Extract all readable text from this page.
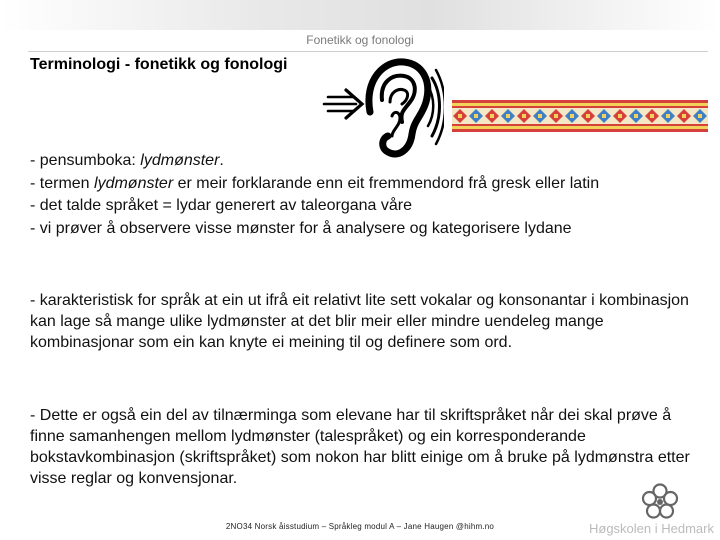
Fonetikk og fonologi
Terminologi - fonetikk og fonologi
- pensumboka: lydmønster.
- termen lydmønster er meir forklarande enn eit fremmendord frå gresk eller latin
- det talde språket = lydar generert av taleorgana våre
- vi prøver å observere visse mønster for å analysere og kategorisere lydane
- karakteristisk for språk at ein ut ifrå eit relativt lite sett vokalar og konsonantar i kombinasjon kan lage så mange ulike lydmønster at det blir meir eller mindre uendeleg mange kombinasjonar som ein kan knyte ei meining til og definere som ord.
- Dette er også ein del av tilnærminga som elevane har til skriftspråket når dei skal prøve å finne samanhengen mellom lydmønster (talespråket) og ein korresponderande bokstavkombinasjon (skriftspråket) som nokon har blitt einige om å bruke på lydmønstra etter visse reglar og konvensjonar.
2NO34 Norsk åisstudium – Språkleg modul A – Jane Haugen @hihm.no	Høgskolen i Hedmark
